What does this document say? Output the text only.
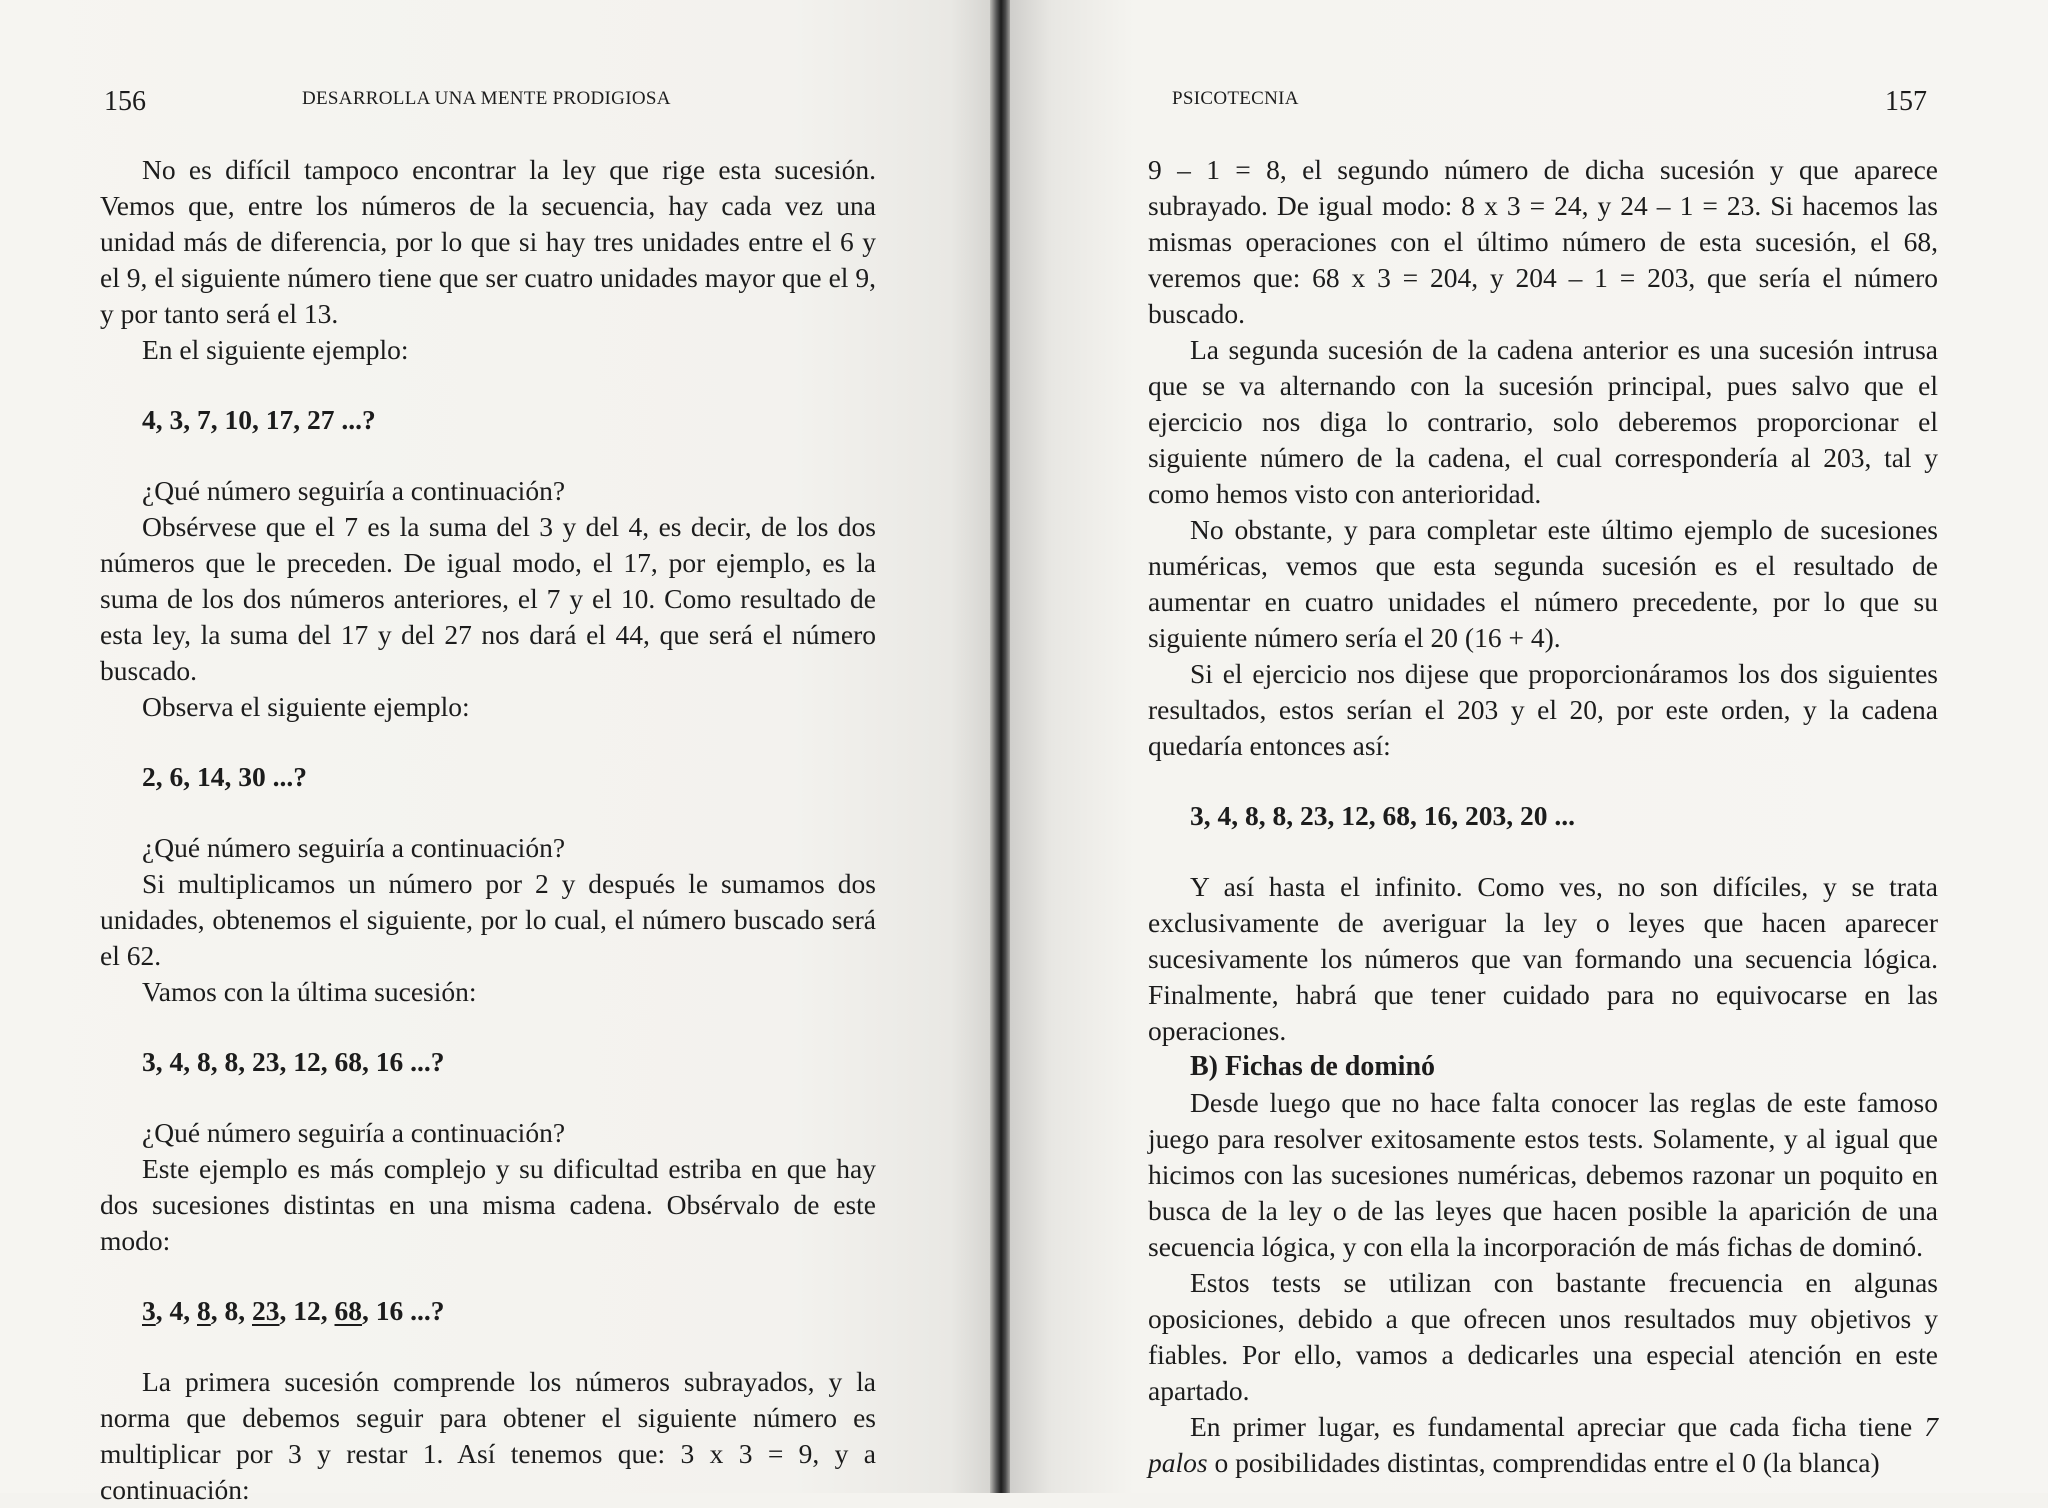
156	DESARROLLA UNA MENTE PRODIGIOSA

No es difícil tampoco encontrar la ley que rige esta sucesión. Vemos que, entre los números de la secuencia, hay cada vez una unidad más de diferencia, por lo que si hay tres unidades entre el 6 y el 9, el siguiente número tiene que ser cuatro unidades mayor que el 9, y por tanto será el 13.

En el siguiente ejemplo:

4, 3, 7, 10, 17, 27 ...?

¿Qué número seguiría a continuación?

Obsérvese que el 7 es la suma del 3 y del 4, es decir, de los dos números que le preceden. De igual modo, el 17, por ejemplo, es la suma de los dos números anteriores, el 7 y el 10. Como resultado de esta ley, la suma del 17 y del 27 nos dará el 44, que será el número buscado.

Observa el siguiente ejemplo:

2, 6, 14, 30 ...?

¿Qué número seguiría a continuación?

Si multiplicamos un número por 2 y después le sumamos dos unidades, obtenemos el siguiente, por lo cual, el número buscado será el 62.

Vamos con la última sucesión:

3, 4, 8, 8, 23, 12, 68, 16 ...?

¿Qué número seguiría a continuación?

Este ejemplo es más complejo y su dificultad estriba en que hay dos sucesiones distintas en una misma cadena. Obsérvalo de este modo:

3, 4, 8, 8, 23, 12, 68, 16 ...?

La primera sucesión comprende los números subrayados, y la norma que debemos seguir para obtener el siguiente número es multiplicar por 3 y restar 1. Así tenemos que: 3 x 3 = 9, y a continuación:

PSICOTECNIA	157

9 – 1 = 8, el segundo número de dicha sucesión y que aparece subrayado. De igual modo: 8 x 3 = 24, y 24 – 1 = 23. Si hacemos las mismas operaciones con el último número de esta sucesión, el 68, veremos que: 68 x 3 = 204, y 204 – 1 = 203, que sería el número buscado.

La segunda sucesión de la cadena anterior es una sucesión intrusa que se va alternando con la sucesión principal, pues salvo que el ejercicio nos diga lo contrario, solo deberemos proporcionar el siguiente número de la cadena, el cual correspondería al 203, tal y como hemos visto con anterioridad.

No obstante, y para completar este último ejemplo de sucesiones numéricas, vemos que esta segunda sucesión es el resultado de aumentar en cuatro unidades el número precedente, por lo que su siguiente número sería el 20 (16 + 4).

Si el ejercicio nos dijese que proporcionáramos los dos siguientes resultados, estos serían el 203 y el 20, por este orden, y la cadena quedaría entonces así:

3, 4, 8, 8, 23, 12, 68, 16, 203, 20 ...

Y así hasta el infinito. Como ves, no son difíciles, y se trata exclusivamente de averiguar la ley o leyes que hacen aparecer sucesivamente los números que van formando una secuencia lógica. Finalmente, habrá que tener cuidado para no equivocarse en las operaciones.

B) Fichas de dominó

Desde luego que no hace falta conocer las reglas de este famoso juego para resolver exitosamente estos tests. Solamente, y al igual que hicimos con las sucesiones numéricas, debemos razonar un poquito en busca de la ley o de las leyes que hacen posible la aparición de una secuencia lógica, y con ella la incorporación de más fichas de dominó.

Estos tests se utilizan con bastante frecuencia en algunas oposiciones, debido a que ofrecen unos resultados muy objetivos y fiables. Por ello, vamos a dedicarles una especial atención en este apartado.

En primer lugar, es fundamental apreciar que cada ficha tiene 7 palos o posibilidades distintas, comprendidas entre el 0 (la blanca)
